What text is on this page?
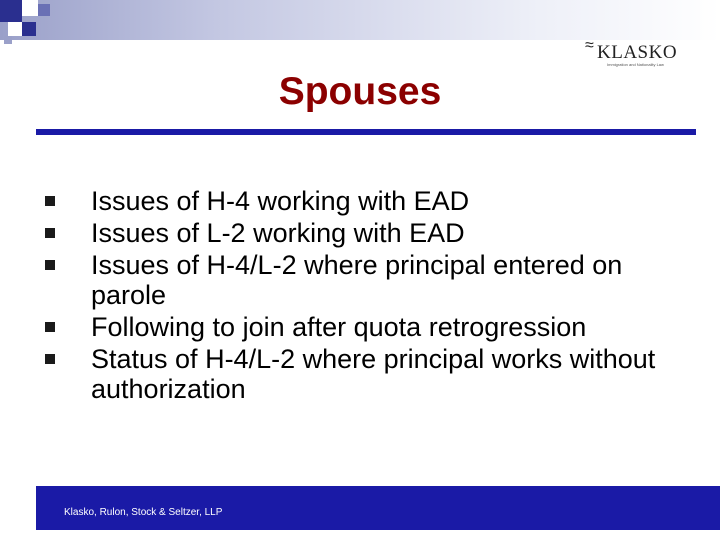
≈ KLASKO
Immigration and Nationality Law
Spouses
Issues of H-4 working with EAD
Issues of L-2 working with EAD
Issues of H-4/L-2 where principal entered on parole
Following to join after quota retrogression
Status of H-4/L-2 where principal works without authorization
Klasko, Rulon, Stock & Seltzer, LLP
